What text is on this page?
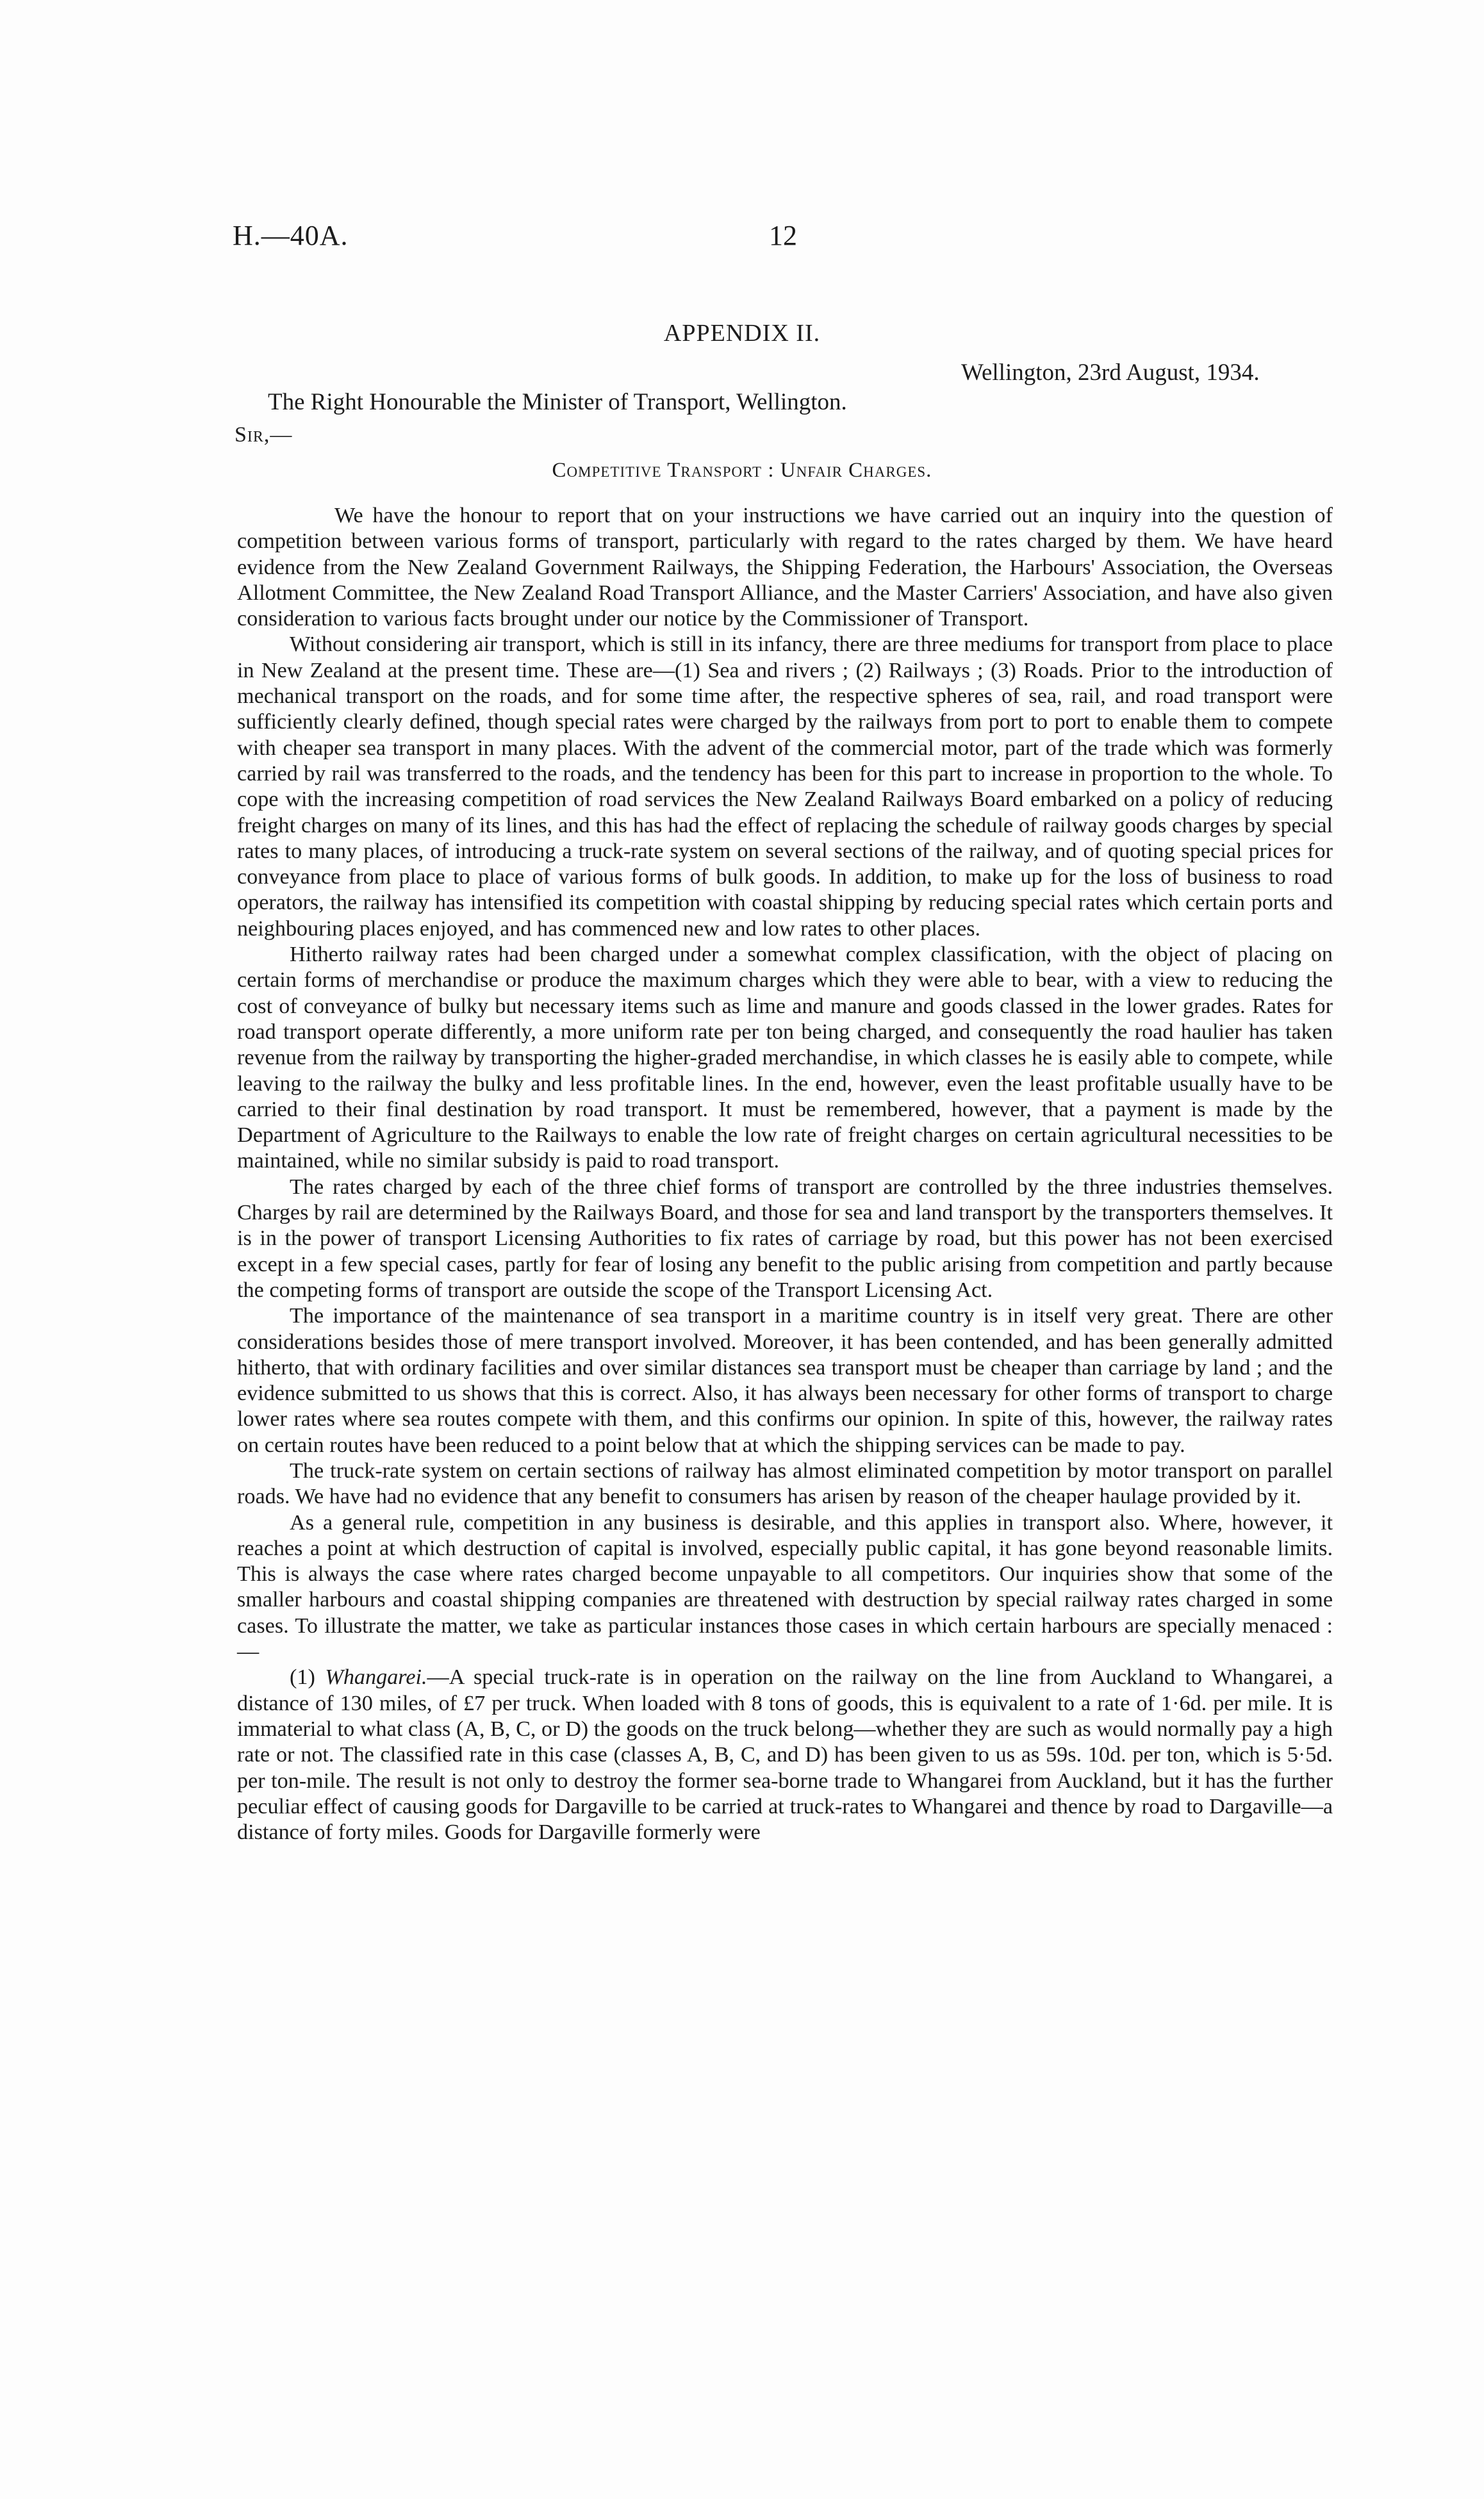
H.—40A.	12
APPENDIX II.
Wellington, 23rd August, 1934.
The Right Honourable the Minister of Transport, Wellington.
Sir,—
Competitive Transport : Unfair Charges.

We have the honour to report that on your instructions we have carried out an inquiry into the question of competition between various forms of transport, particularly with regard to the rates charged by them. We have heard evidence from the New Zealand Government Railways, the Shipping Federation, the Harbours' Association, the Overseas Allotment Committee, the New Zealand Road Transport Alliance, and the Master Carriers' Association, and have also given consideration to various facts brought under our notice by the Commissioner of Transport.

Without considering air transport, which is still in its infancy, there are three mediums for transport from place to place in New Zealand at the present time. These are—(1) Sea and rivers ; (2) Railways ; (3) Roads. Prior to the introduction of mechanical transport on the roads, and for some time after, the respective spheres of sea, rail, and road transport were sufficiently clearly defined, though special rates were charged by the railways from port to port to enable them to compete with cheaper sea transport in many places. With the advent of the commercial motor, part of the trade which was formerly carried by rail was transferred to the roads, and the tendency has been for this part to increase in proportion to the whole. To cope with the increasing competition of road services the New Zealand Railways Board embarked on a policy of reducing freight charges on many of its lines, and this has had the effect of replacing the schedule of railway goods charges by special rates to many places, of introducing a truck-rate system on several sections of the railway, and of quoting special prices for conveyance from place to place of various forms of bulk goods. In addition, to make up for the loss of business to road operators, the railway has intensified its competition with coastal shipping by reducing special rates which certain ports and neighbouring places enjoyed, and has commenced new and low rates to other places.

Hitherto railway rates had been charged under a somewhat complex classification, with the object of placing on certain forms of merchandise or produce the maximum charges which they were able to bear, with a view to reducing the cost of conveyance of bulky but necessary items such as lime and manure and goods classed in the lower grades. Rates for road transport operate differently, a more uniform rate per ton being charged, and consequently the road haulier has taken revenue from the railway by transporting the higher-graded merchandise, in which classes he is easily able to compete, while leaving to the railway the bulky and less profitable lines. In the end, however, even the least profitable usually have to be carried to their final destination by road transport. It must be remembered, however, that a payment is made by the Department of Agriculture to the Railways to enable the low rate of freight charges on certain agricultural necessities to be maintained, while no similar subsidy is paid to road transport.

The rates charged by each of the three chief forms of transport are controlled by the three industries themselves. Charges by rail are determined by the Railways Board, and those for sea and land transport by the transporters themselves. It is in the power of transport Licensing Authorities to fix rates of carriage by road, but this power has not been exercised except in a few special cases, partly for fear of losing any benefit to the public arising from competition and partly because the competing forms of transport are outside the scope of the Transport Licensing Act.

The importance of the maintenance of sea transport in a maritime country is in itself very great. There are other considerations besides those of mere transport involved. Moreover, it has been contended, and has been generally admitted hitherto, that with ordinary facilities and over similar distances sea transport must be cheaper than carriage by land ; and the evidence submitted to us shows that this is correct. Also, it has always been necessary for other forms of transport to charge lower rates where sea routes compete with them, and this confirms our opinion. In spite of this, however, the railway rates on certain routes have been reduced to a point below that at which the shipping services can be made to pay.

The truck-rate system on certain sections of railway has almost eliminated competition by motor transport on parallel roads. We have had no evidence that any benefit to consumers has arisen by reason of the cheaper haulage provided by it.

As a general rule, competition in any business is desirable, and this applies in transport also. Where, however, it reaches a point at which destruction of capital is involved, especially public capital, it has gone beyond reasonable limits. This is always the case where rates charged become unpayable to all competitors. Our inquiries show that some of the smaller harbours and coastal shipping companies are threatened with destruction by special railway rates charged in some cases. To illustrate the matter, we take as particular instances those cases in which certain harbours are specially menaced :—

(1) Whangarei.—A special truck-rate is in operation on the railway on the line from Auckland to Whangarei, a distance of 130 miles, of £7 per truck. When loaded with 8 tons of goods, this is equivalent to a rate of 1·6d. per mile. It is immaterial to what class (A, B, C, or D) the goods on the truck belong—whether they are such as would normally pay a high rate or not. The classified rate in this case (classes A, B, C, and D) has been given to us as 59s. 10d. per ton, which is 5·5d. per ton-mile. The result is not only to destroy the former sea-borne trade to Whangarei from Auckland, but it has the further peculiar effect of causing goods for Dargaville to be carried at truck-rates to Whangarei and thence by road to Dargaville—a distance of forty miles. Goods for Dargaville formerly were
